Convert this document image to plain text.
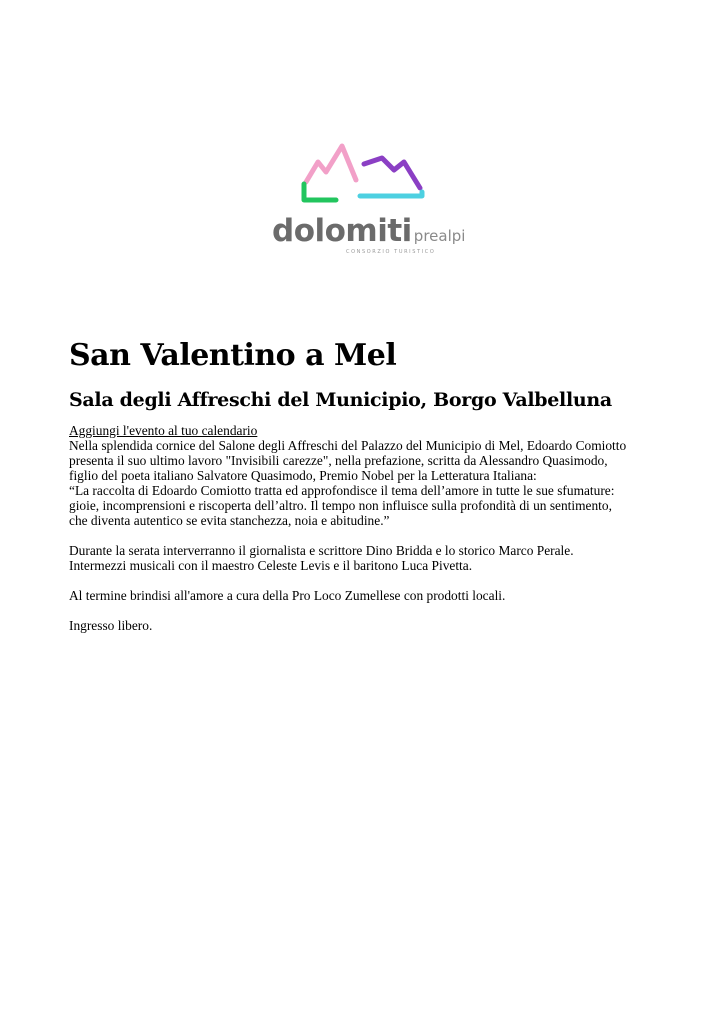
dolomiti prealpi
CONSORZIO TURISTICO
San Valentino a Mel
Sala degli Affreschi del Municipio, Borgo Valbelluna
Aggiungi l'evento al tuo calendario
Nella splendida cornice del Salone degli Affreschi del Palazzo del Municipio di Mel, Edoardo Comiotto
presenta il suo ultimo lavoro "Invisibili carezze", nella prefazione, scritta da Alessandro Quasimodo,
figlio del poeta italiano Salvatore Quasimodo, Premio Nobel per la Letteratura Italiana:
“La raccolta di Edoardo Comiotto tratta ed approfondisce il tema dell’amore in tutte le sue sfumature:
gioie, incomprensioni e riscoperta dell’altro. Il tempo non influisce sulla profondità di un sentimento,
che diventa autentico se evita stanchezza, noia e abitudine.”
Durante la serata interverranno il giornalista e scrittore Dino Bridda e lo storico Marco Perale.
Intermezzi musicali con il maestro Celeste Levis e il baritono Luca Pivetta.
Al termine brindisi all'amore a cura della Pro Loco Zumellese con prodotti locali.
Ingresso libero.
